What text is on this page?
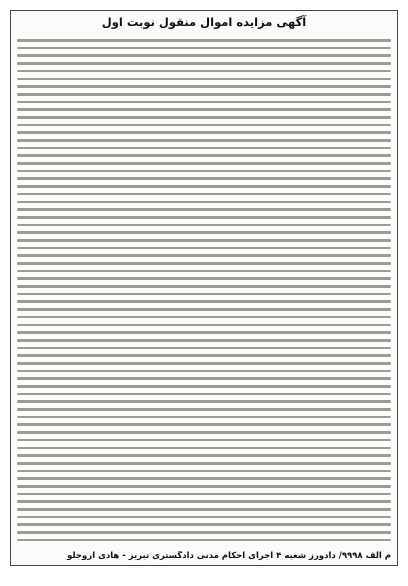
آگهی مزایده اموال منقول نوبت اول
م الف ۹۹۹۸/ دادورز شعبه ۴ اجرای احکام مدنی دادگستری تبریز - هادی اروجلو
